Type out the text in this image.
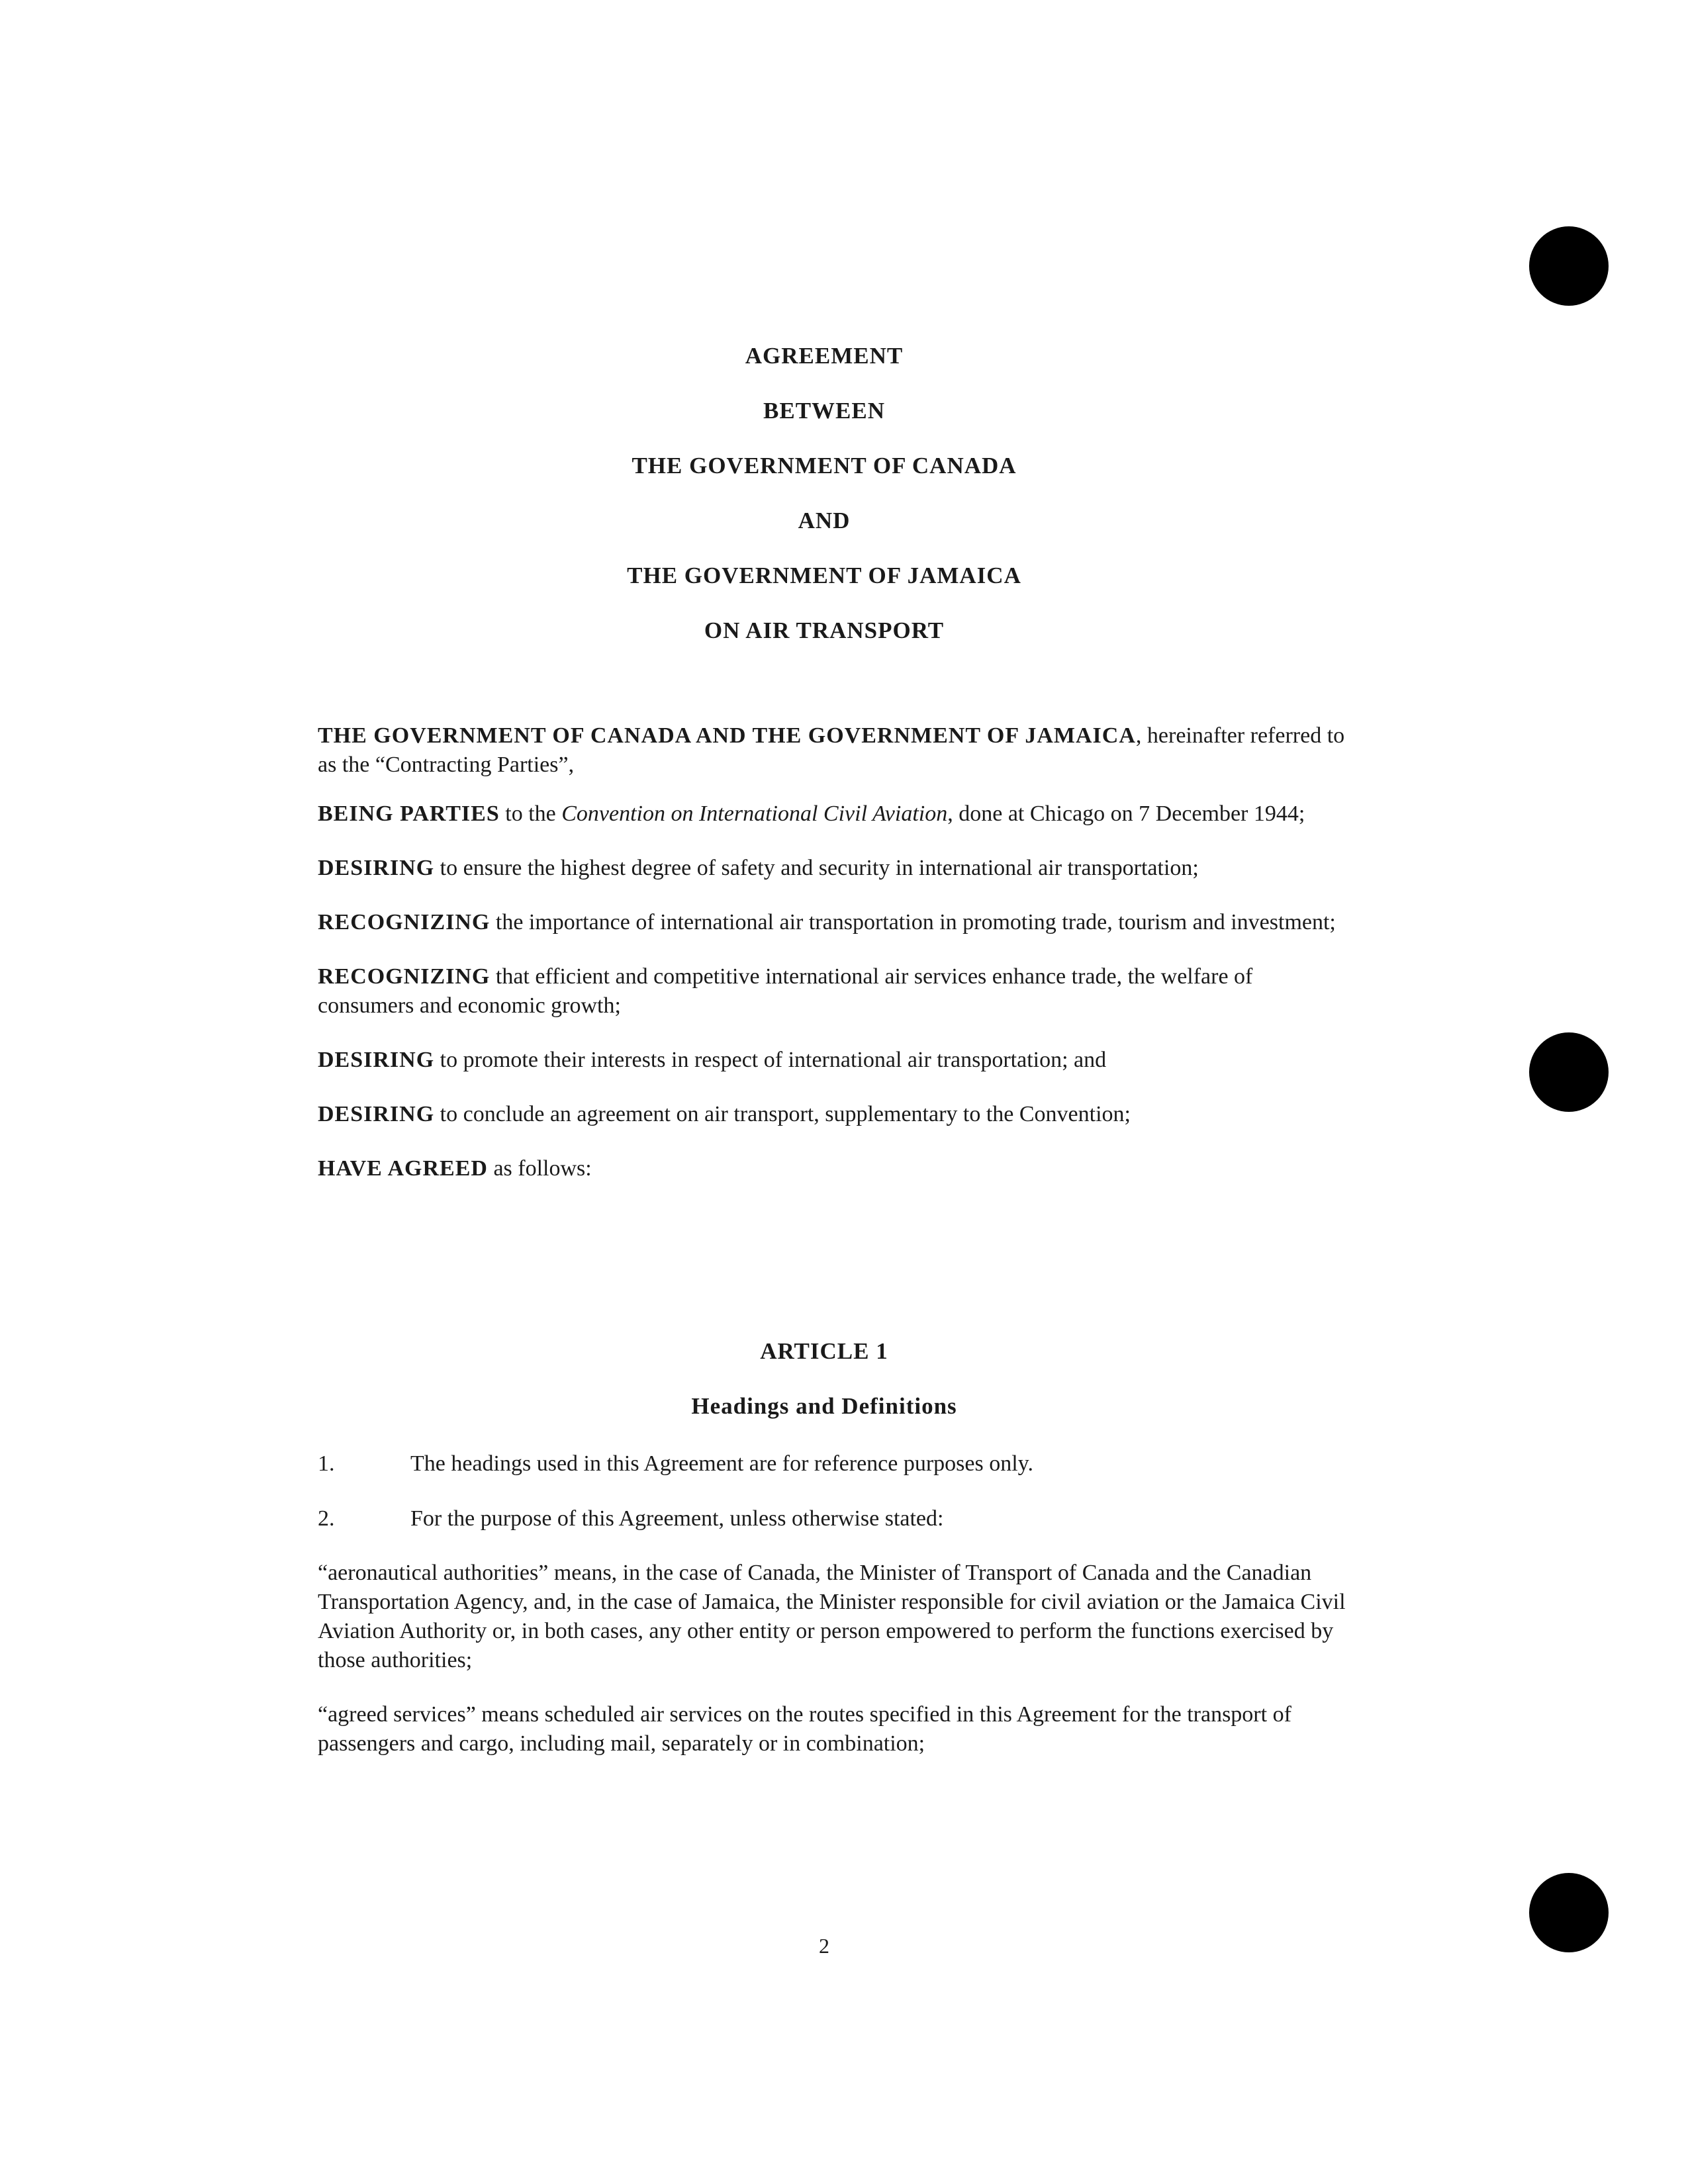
AGREEMENT
BETWEEN
THE GOVERNMENT OF CANADA
AND
THE GOVERNMENT OF JAMAICA
ON AIR TRANSPORT

THE GOVERNMENT OF CANADA AND THE GOVERNMENT OF JAMAICA, hereinafter referred to as the “Contracting Parties”,

BEING PARTIES to the Convention on International Civil Aviation, done at Chicago on 7 December 1944;

DESIRING to ensure the highest degree of safety and security in international air transportation;

RECOGNIZING the importance of international air transportation in promoting trade, tourism and investment;

RECOGNIZING that efficient and competitive international air services enhance trade, the welfare of consumers and economic growth;

DESIRING to promote their interests in respect of international air transportation; and

DESIRING to conclude an agreement on air transport, supplementary to the Convention;

HAVE AGREED as follows:

ARTICLE 1
Headings and Definitions
1.	The headings used in this Agreement are for reference purposes only.
2.	For the purpose of this Agreement, unless otherwise stated:

“aeronautical authorities” means, in the case of Canada, the Minister of Transport of Canada and the Canadian Transportation Agency, and, in the case of Jamaica, the Minister responsible for civil aviation or the Jamaica Civil Aviation Authority or, in both cases, any other entity or person empowered to perform the functions exercised by those authorities;

“agreed services” means scheduled air services on the routes specified in this Agreement for the transport of passengers and cargo, including mail, separately or in combination;

2
